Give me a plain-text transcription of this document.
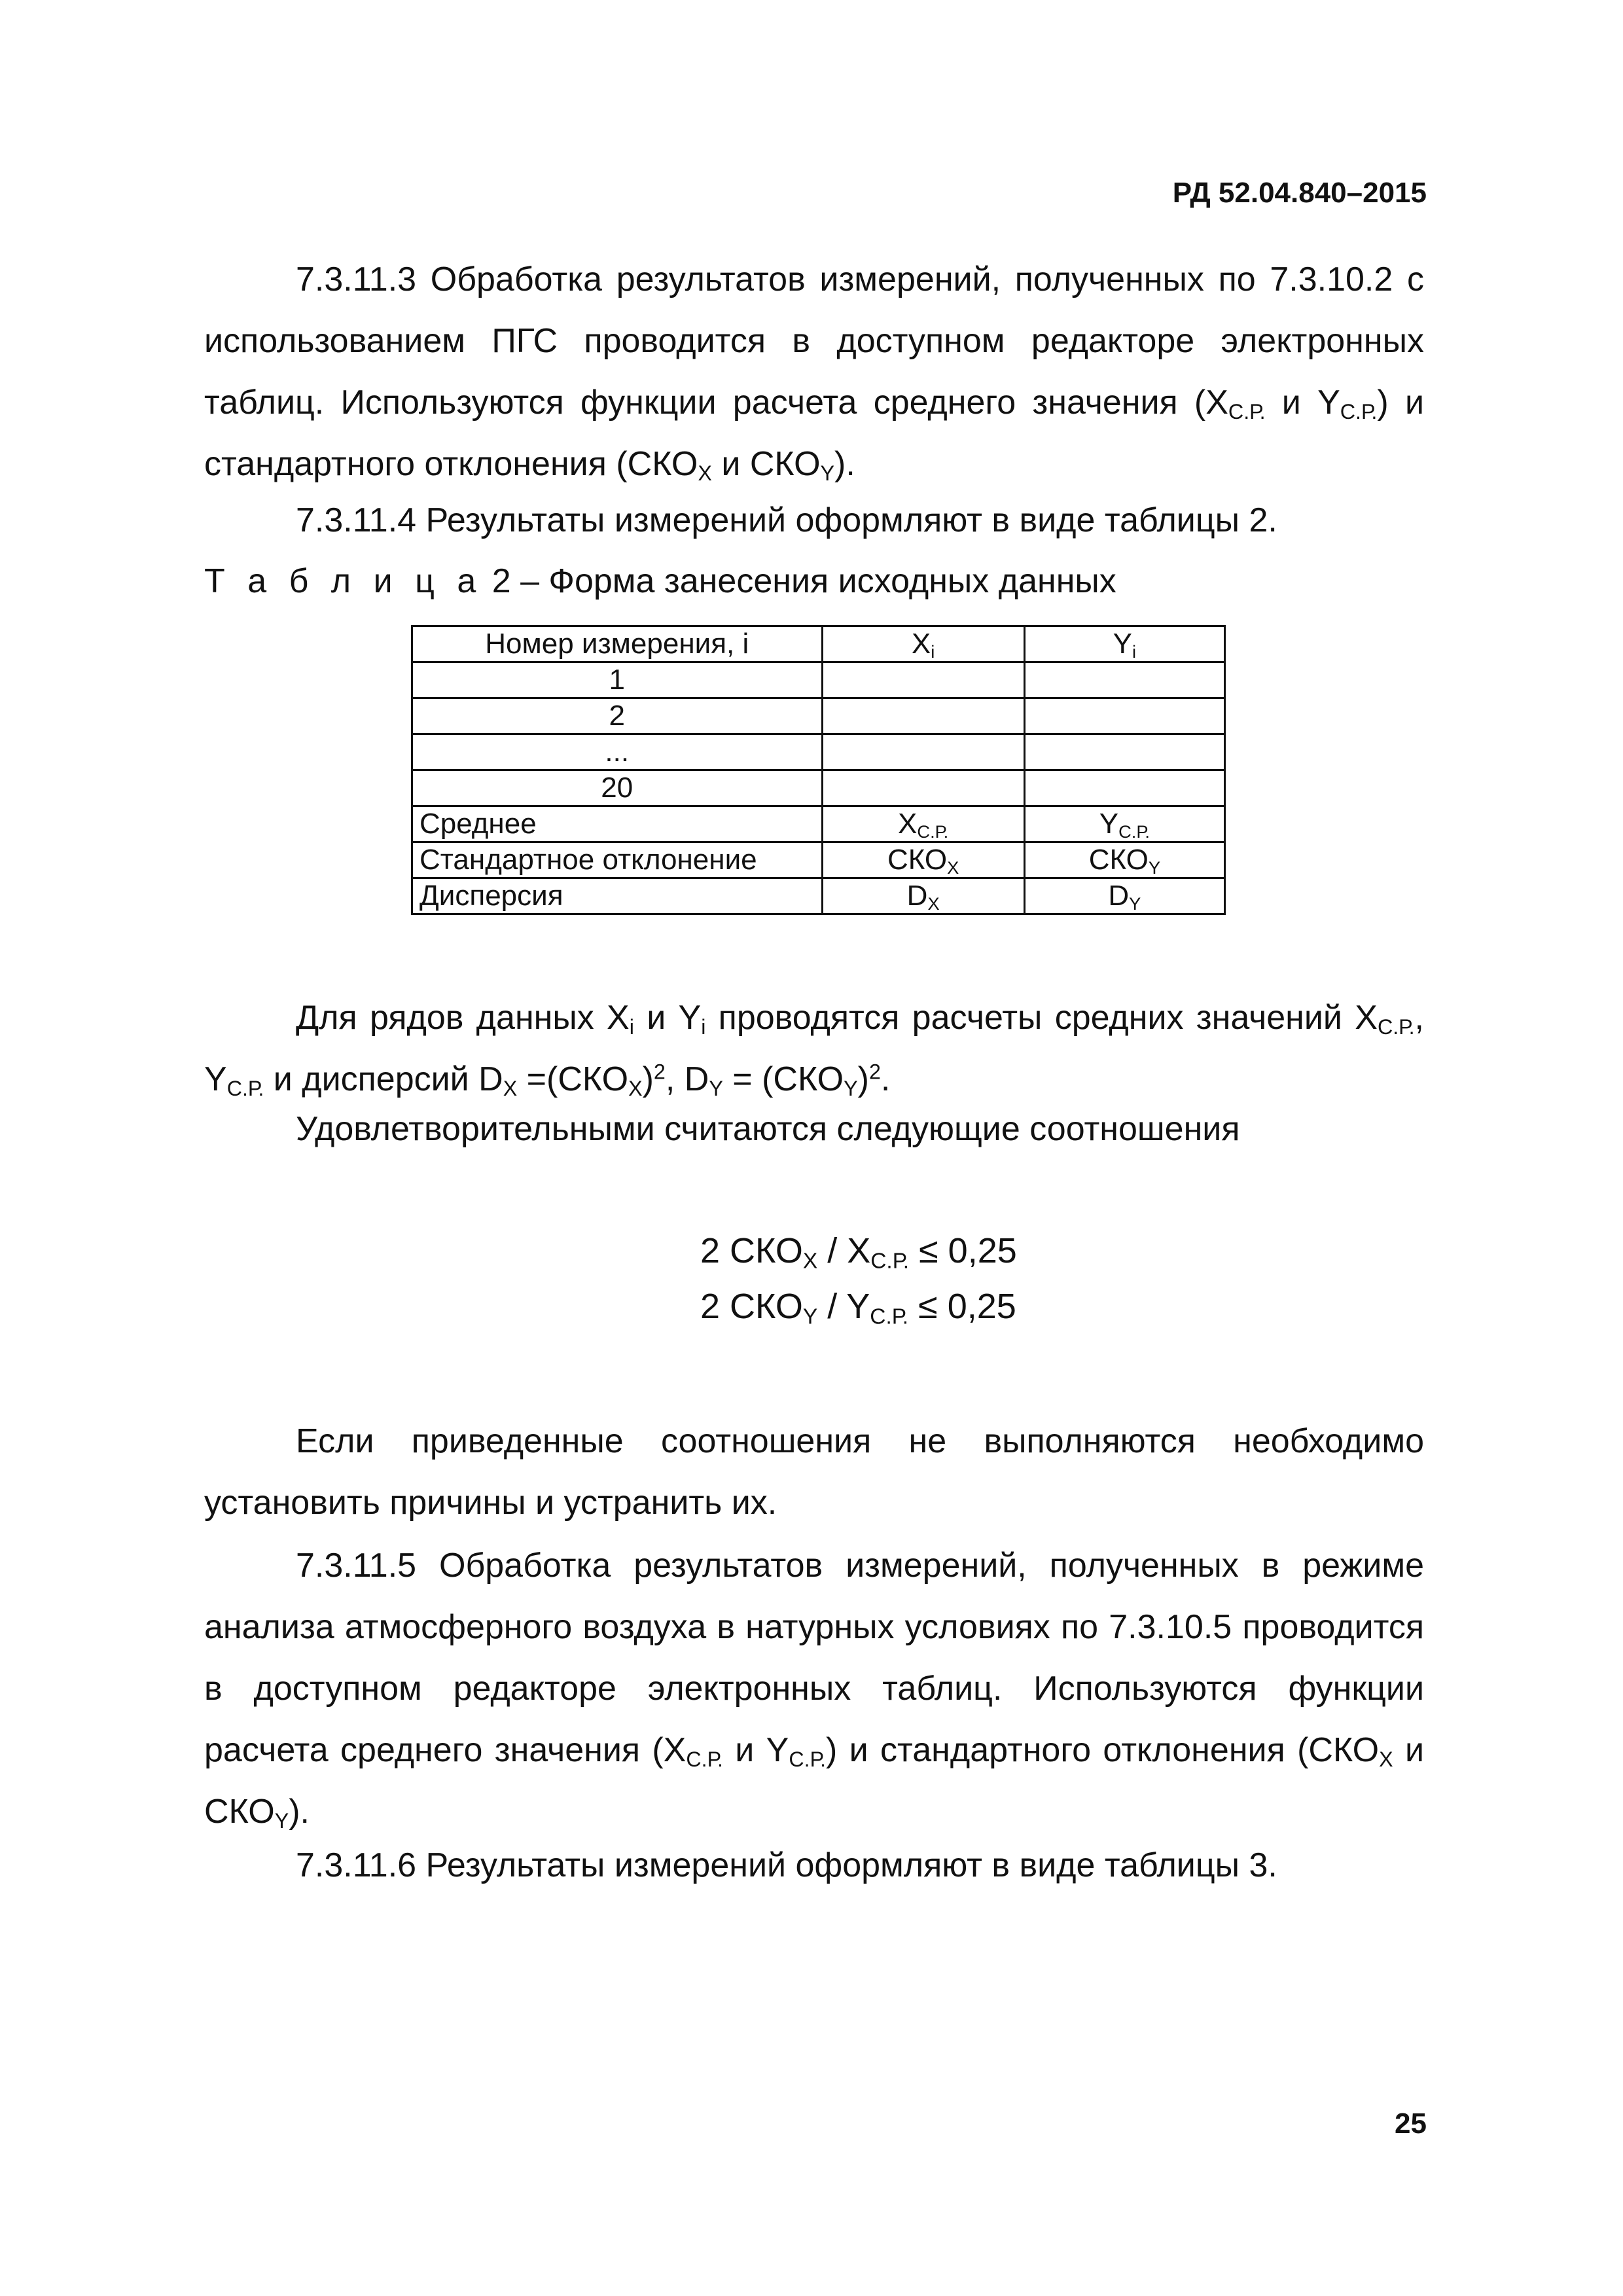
РД 52.04.840–2015
7.3.11.3 Обработка результатов измерений, полученных по 7.3.10.2 с использованием ПГС проводится в доступном редакторе электронных таблиц. Используются функции расчета среднего значения ($X_{С.Р.}$ и $Y_{С.Р.}$) и стандартного отклонения ($СКО_X$ и $СКО_Y$).
7.3.11.4 Результаты измерений оформляют в виде таблицы 2.
Т а б л и ц а 2 – Форма занесения исходных данных
Номер измерения, i	$X_i$	$Y_i$
1		
2		
...		
20		
Среднее	$X_{С.Р.}$	$Y_{С.Р.}$
Стандартное отклонение	$СКО_X$	$СКО_Y$
Дисперсия	$D_X$	$D_Y$
Для рядов данных $X_i$ и $Y_i$ проводятся расчеты средних значений $X_{С.Р.}$, $Y_{С.Р.}$ и дисперсий $D_X =(СКО_X)^2$, $D_Y = (СКО_Y)^2$.
Удовлетворительными считаются следующие соотношения
2 $СКО_X / X_{С.Р.} \le 0,25$
2 $СКО_Y / Y_{С.Р.} \le 0,25$
Если приведенные соотношения не выполняются необходимо установить причины и устранить их.
7.3.11.5 Обработка результатов измерений, полученных в режиме анализа атмосферного воздуха в натурных условиях по 7.3.10.5 проводится в доступном редакторе электронных таблиц. Используются функции расчета среднего значения ($X_{С.Р.}$ и $Y_{С.Р.}$) и стандартного отклонения ($СКО_X$ и $СКО_Y$).
7.3.11.6 Результаты измерений оформляют в виде таблицы 3.
25
